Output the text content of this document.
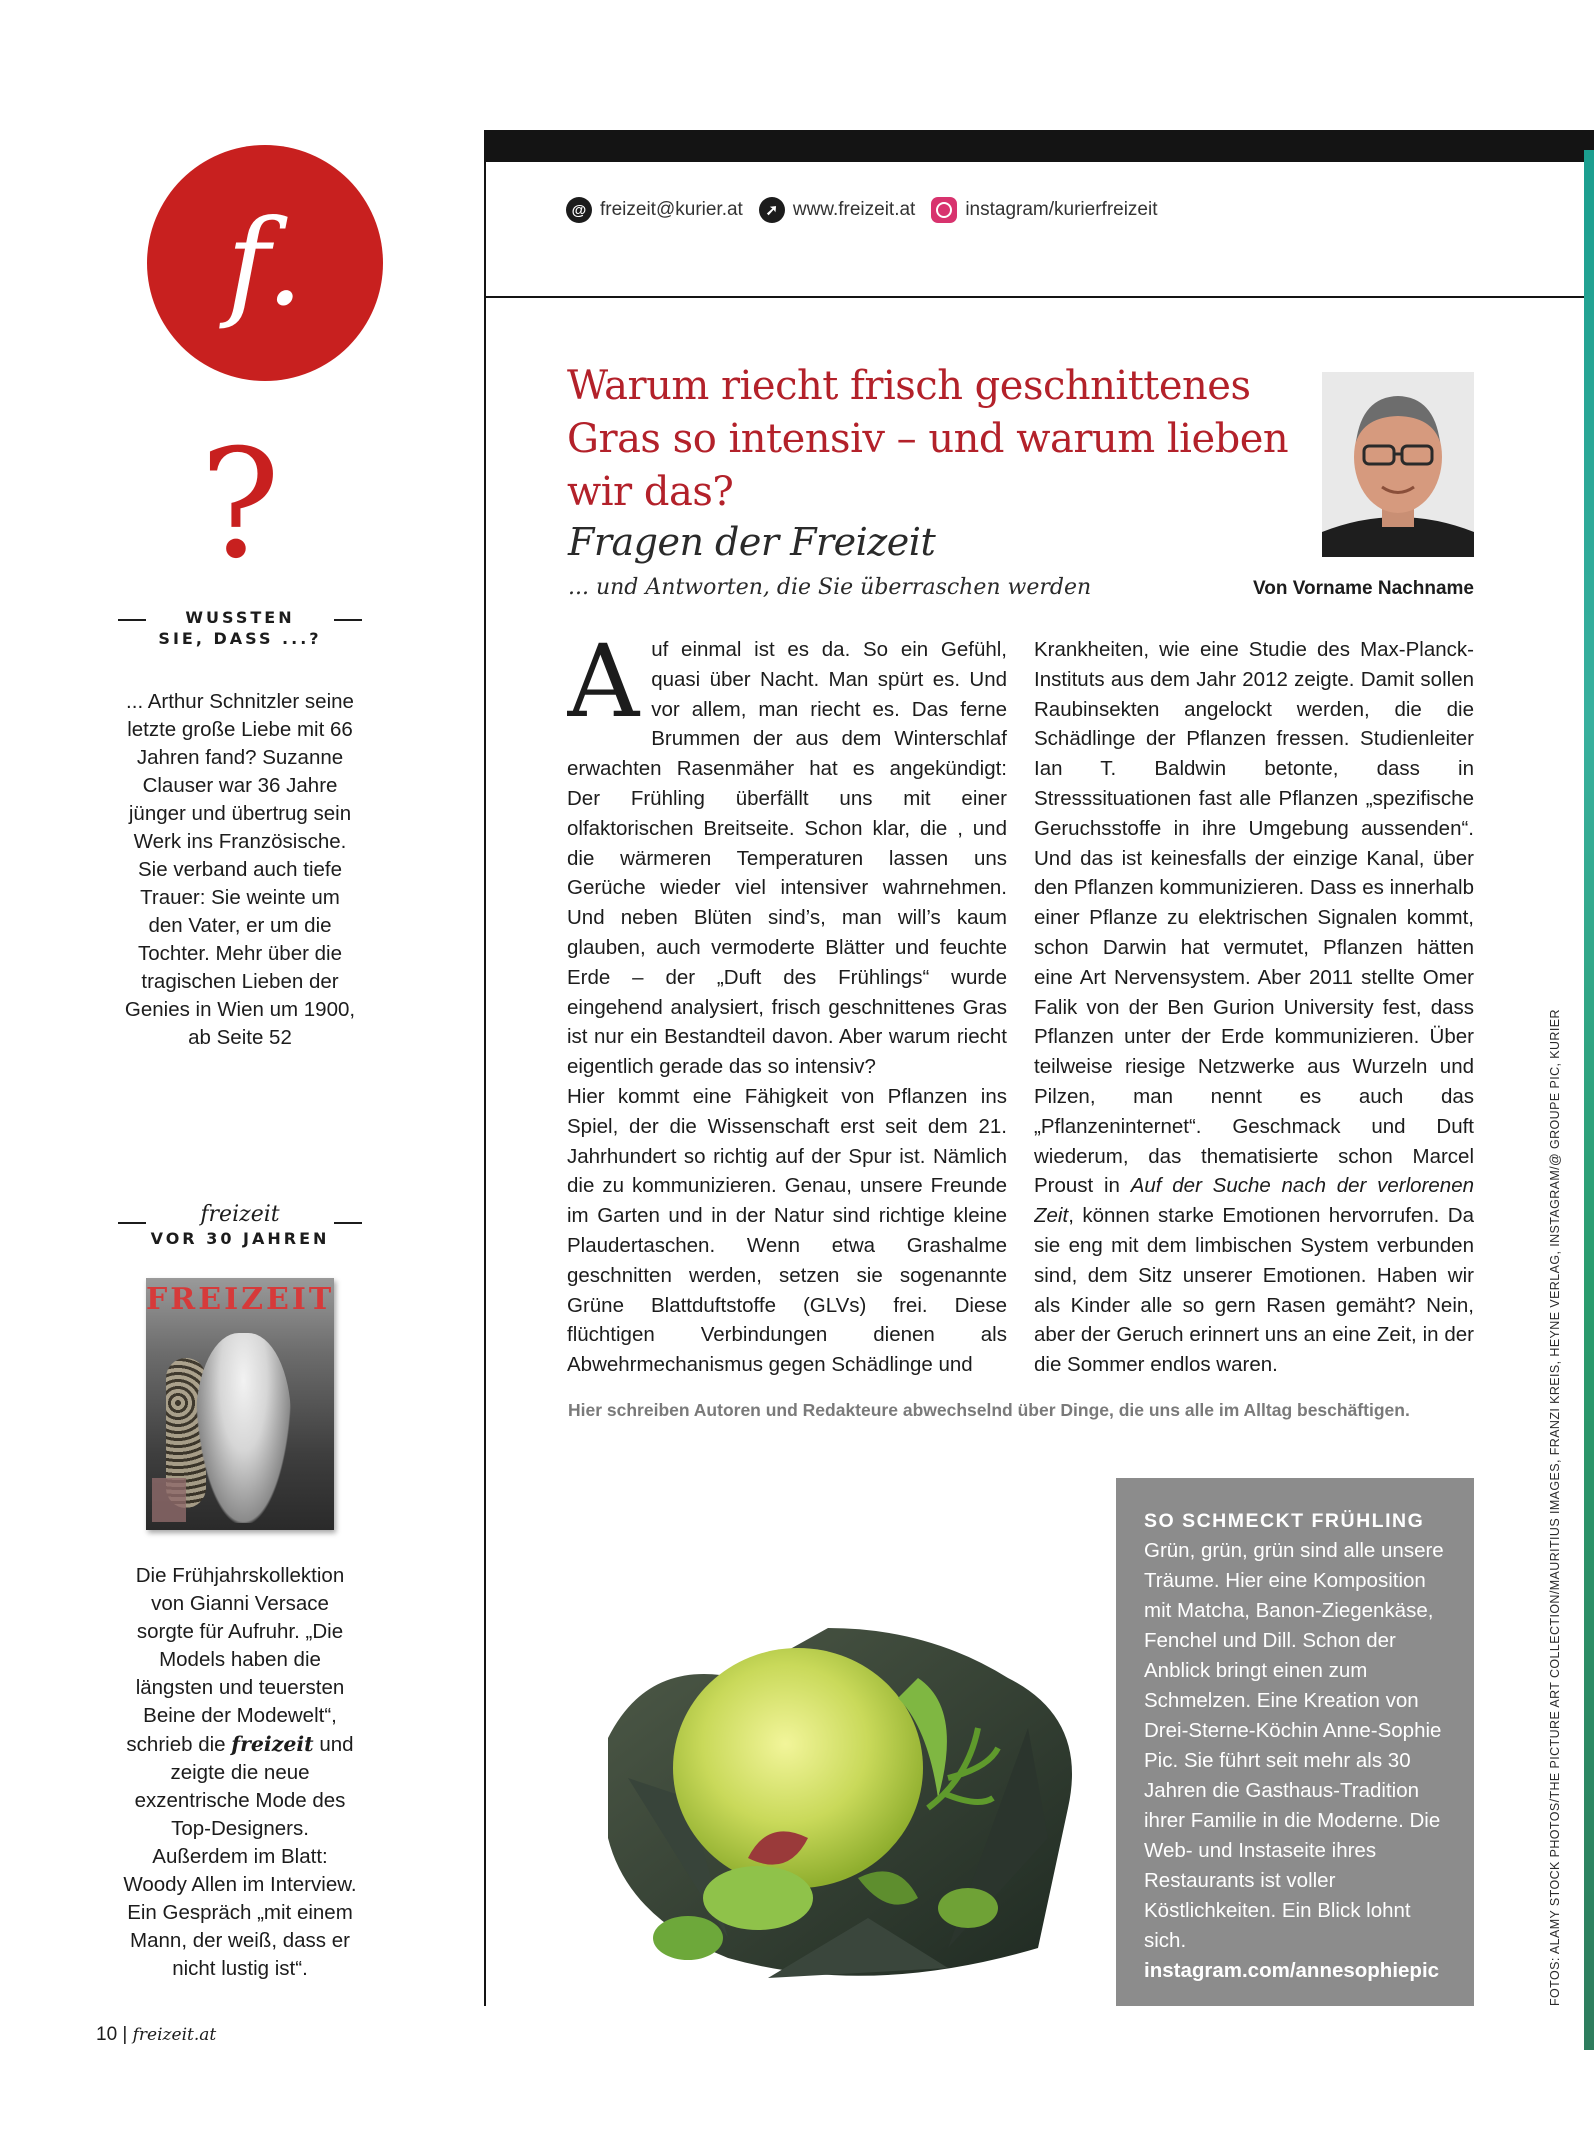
f.
?
WUSSTEN
SIE, DASS ...?
... Arthur Schnitzler seine letzte große Liebe mit 66 Jahren fand? Suzanne Clauser war 36 Jahre jünger und übertrug sein Werk ins Französische. Sie verband auch tiefe Trauer: Sie weinte um den Vater, er um die Tochter. Mehr über die tragischen Lieben der Genies in Wien um 1900, ab Seite 52
freizeit
VOR 30 JAHREN
FREIZEIT
Die Frühjahrskollektion von Gianni Versace sorgte für Aufruhr. „Die Models haben die längsten und teuersten Beine der Modewelt“, schrieb die freizeit und zeigte die neue exzentrische Mode des Top-Designers. Außerdem im Blatt: Woody Allen im Interview. Ein Gespräch „mit einem Mann, der weiß, dass er nicht lustig ist“.
10 | freizeit.at
@ freizeit@kurier.at	➚ www.freizeit.at	instagram/kurierfreizeit
Warum riecht frisch geschnittenes Gras so intensiv – und warum lieben wir das?
Fragen der Freizeit
... und Antworten, die Sie überraschen werden	Von Vorname Nachname
A uf einmal ist es da. So ein Gefühl, quasi über Nacht. Man spürt es. Und vor allem, man riecht es. Das ferne Brummen der aus dem Winterschlaf erwachten Rasenmäher hat es angekündigt: Der Frühling überfällt uns mit einer olfaktorischen Breitseite. Schon klar, die , und die wärmeren Temperaturen lassen uns Gerüche wieder viel intensiver wahrnehmen. Und neben Blüten sind’s, man will’s kaum glauben, auch vermoderte Blätter und feuchte Erde – der „Duft des Frühlings“ wurde eingehend analysiert, frisch geschnittenes Gras ist nur ein Bestandteil davon. Aber warum riecht eigentlich gerade das so intensiv?

Hier kommt eine Fähigkeit von Pflanzen ins Spiel, der die Wissenschaft erst seit dem 21. Jahrhundert so richtig auf der Spur ist. Nämlich die zu kommunizieren. Genau, unsere Freunde im Garten und in der Natur sind richtige kleine Plaudertaschen. Wenn etwa Grashalme geschnitten werden, setzen sie sogenannte Grüne Blattduftstoffe (GLVs) frei. Diese flüchtigen Verbindungen dienen als Abwehrmechanismus gegen Schädlinge und

Krankheiten, wie eine Studie des Max-Planck-Instituts aus dem Jahr 2012 zeigte. Damit sollen Raubinsekten angelockt werden, die die Schädlinge der Pflanzen fressen. Studienleiter Ian T. Baldwin betonte, dass in Stresssituationen fast alle Pflanzen „spezifische Geruchsstoffe in ihre Umgebung aussenden“. Und das ist keinesfalls der einzige Kanal, über den Pflanzen kommunizieren. Dass es innerhalb einer Pflanze zu elektrischen Signalen kommt, schon Darwin hat vermutet, Pflanzen hätten eine Art Nervensystem. Aber 2011 stellte Omer Falik von der Ben Gurion University fest, dass Pflanzen unter der Erde kommunizieren. Über teilweise riesige Netzwerke aus Wurzeln und Pilzen, man nennt es auch das „Pflanzeninternet“. Geschmack und Duft wiederum, das thematisierte schon Marcel Proust in Auf der Suche nach der verlorenen Zeit, können starke Emotionen hervorrufen. Da sie eng mit dem limbischen System verbunden sind, dem Sitz unserer Emotionen. Haben wir als Kinder alle so gern Rasen gemäht? Nein, aber der Geruch erinnert uns an eine Zeit, in der die Sommer endlos waren.

Hier schreiben Autoren und Redakteure abwechselnd über Dinge, die uns alle im Alltag beschäftigen.
SO SCHMECKT FRÜHLING
Grün, grün, grün sind alle unsere Träume. Hier eine Komposition mit Matcha, Banon-Ziegenkäse, Fenchel und Dill. Schon der Anblick bringt einen zum Schmelzen. Eine Kreation von Drei-Sterne-Köchin Anne-Sophie Pic. Sie führt seit mehr als 30 Jahren die Gasthaus-Tradition ihrer Familie in die Moderne. Die Web- und Instaseite ihres Restaurants ist voller Köstlichkeiten. Ein Blick lohnt sich.
instagram.com/annesophiepic	FOTOS: ALAMY STOCK PHOTOS/THE PICTURE ART COLLECTION/MAURITIUS IMAGES, FRANZI KREIS, HEYNE VERLAG, INSTAGRAM/@ GROUPE PIC, KURIER
